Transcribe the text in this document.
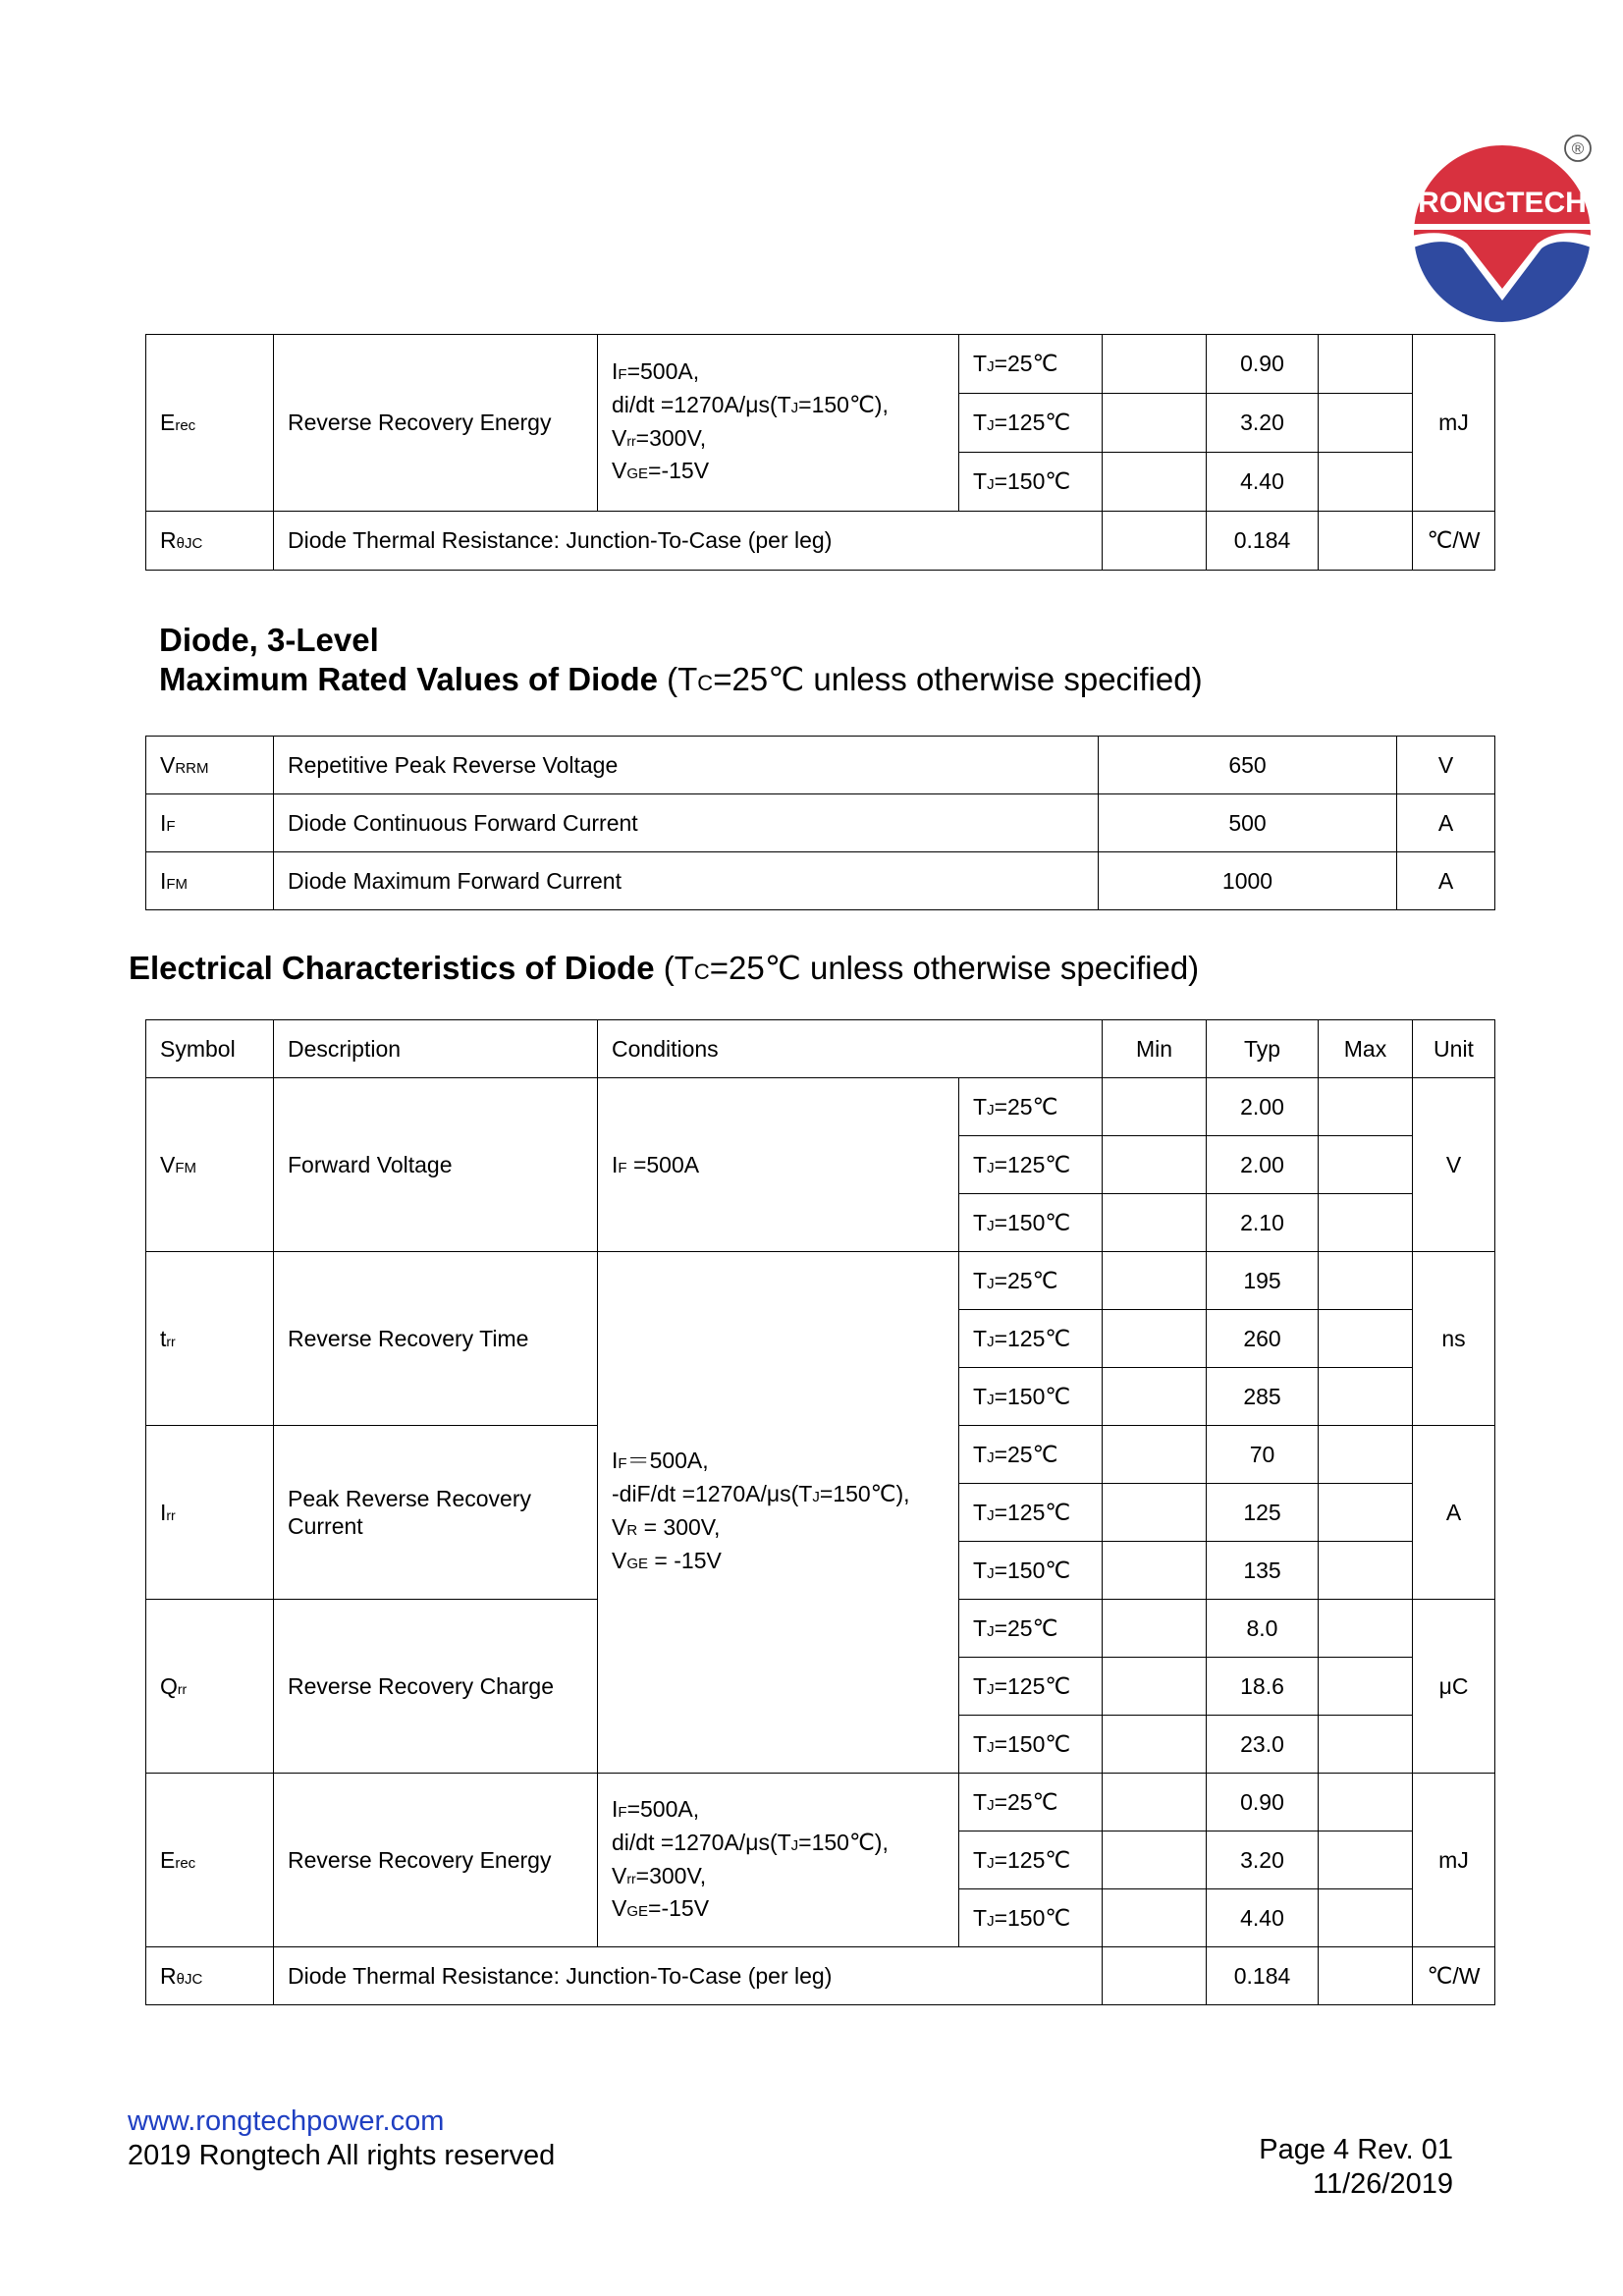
RONGTECH
®
Erec	Reverse Recovery Energy	IF=500A,
di/dt =1270A/μs(TJ=150℃),
Vrr=300V,
VGE=-15V	TJ=25℃		0.90		mJ
			TJ=125℃		3.20		
			TJ=150℃		4.40		
RθJC	Diode Thermal Resistance: Junction-To-Case (per leg)				0.184		℃/W
Diode, 3-Level
Maximum Rated Values of Diode (TC=25℃ unless otherwise specified)
VRRM	Repetitive Peak Reverse Voltage	650	V
IF	Diode Continuous Forward Current	500	A
IFM	Diode Maximum Forward Current	1000	A
Electrical Characteristics of Diode (TC=25℃ unless otherwise specified)
Symbol	Description	Conditions		Min	Typ	Max	Unit
VFM	Forward Voltage	IF =500A	TJ=25℃		2.00		V
			TJ=125℃		2.00		
			TJ=150℃		2.10		
trr	Reverse Recovery Time	IF＝500A,
-diF/dt =1270A/μs(TJ=150℃),
VR = 300V,
VGE = -15V	TJ=25℃		195		ns
			TJ=125℃		260		
			TJ=150℃		285		
Irr	Peak Reverse Recovery
Current		TJ=25℃		70		A
			TJ=125℃		125		
			TJ=150℃		135		
Qrr	Reverse Recovery Charge		TJ=25℃		8.0		μC
			TJ=125℃		18.6		
			TJ=150℃		23.0		
Erec	Reverse Recovery Energy	IF=500A,
di/dt =1270A/μs(TJ=150℃),
Vrr=300V,
VGE=-15V	TJ=25℃		0.90		mJ
			TJ=125℃		3.20		
			TJ=150℃		4.40		
RθJC	Diode Thermal Resistance: Junction-To-Case (per leg)				0.184		℃/W
www.rongtechpower.com
2019 Rongtech All rights reserved	Page 4 Rev. 01
11/26/2019
